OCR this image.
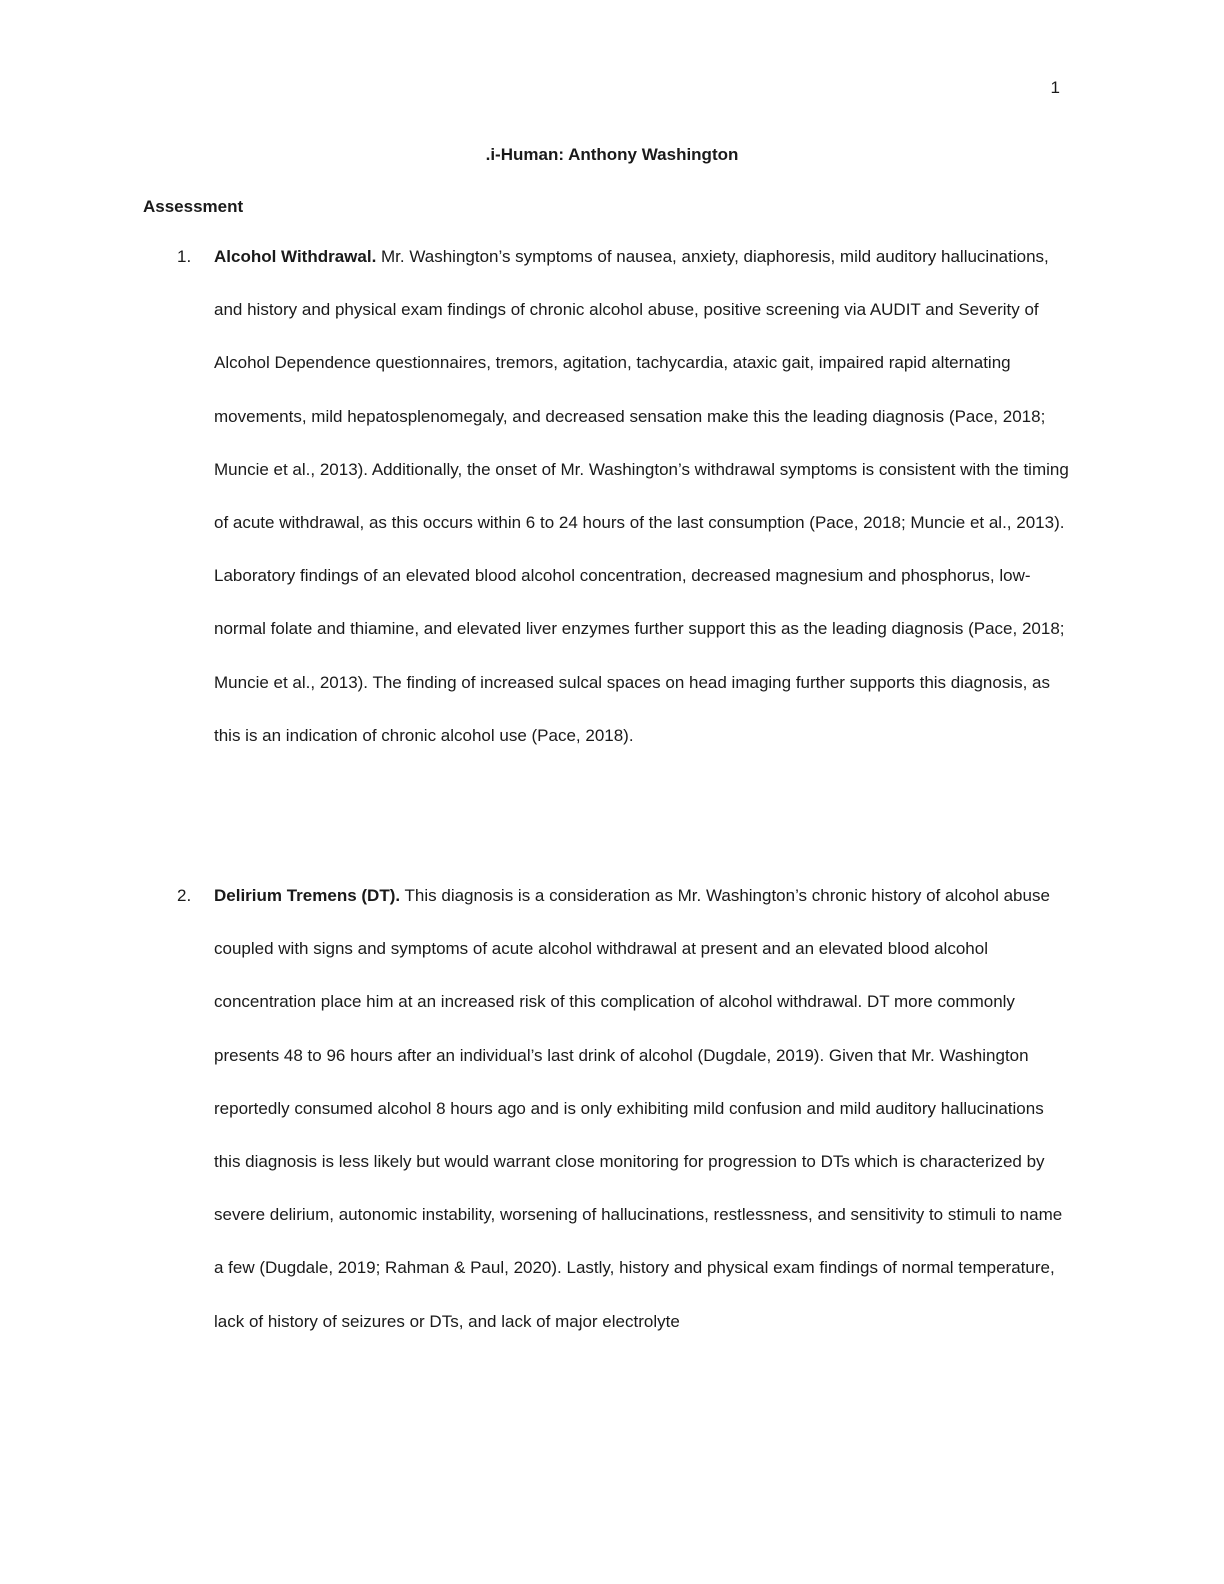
1
.i-Human: Anthony Washington
Assessment
1. Alcohol Withdrawal. Mr. Washington’s symptoms of nausea, anxiety, diaphoresis, mild auditory hallucinations, and history and physical exam findings of chronic alcohol abuse, positive screening via AUDIT and Severity of Alcohol Dependence questionnaires, tremors, agitation, tachycardia, ataxic gait, impaired rapid alternating movements, mild hepatosplenomegaly, and decreased sensation make this the leading diagnosis (Pace, 2018; Muncie et al., 2013). Additionally, the onset of Mr. Washington’s withdrawal symptoms is consistent with the timing of acute withdrawal, as this occurs within 6 to 24 hours of the last consumption (Pace, 2018; Muncie et al., 2013). Laboratory findings of an elevated blood alcohol concentration, decreased magnesium and phosphorus, low-normal folate and thiamine, and elevated liver enzymes further support this as the leading diagnosis (Pace, 2018; Muncie et al., 2013). The finding of increased sulcal spaces on head imaging further supports this diagnosis, as this is an indication of chronic alcohol use (Pace, 2018).
2. Delirium Tremens (DT). This diagnosis is a consideration as Mr. Washington’s chronic history of alcohol abuse coupled with signs and symptoms of acute alcohol withdrawal at present and an elevated blood alcohol concentration place him at an increased risk of this complication of alcohol withdrawal. DT more commonly presents 48 to 96 hours after an individual’s last drink of alcohol (Dugdale, 2019). Given that Mr. Washington reportedly consumed alcohol 8 hours ago and is only exhibiting mild confusion and mild auditory hallucinations this diagnosis is less likely but would warrant close monitoring for progression to DTs which is characterized by severe delirium, autonomic instability, worsening of hallucinations, restlessness, and sensitivity to stimuli to name a few (Dugdale, 2019; Rahman & Paul, 2020). Lastly, history and physical exam findings of normal temperature, lack of history of seizures or DTs, and lack of major electrolyte
